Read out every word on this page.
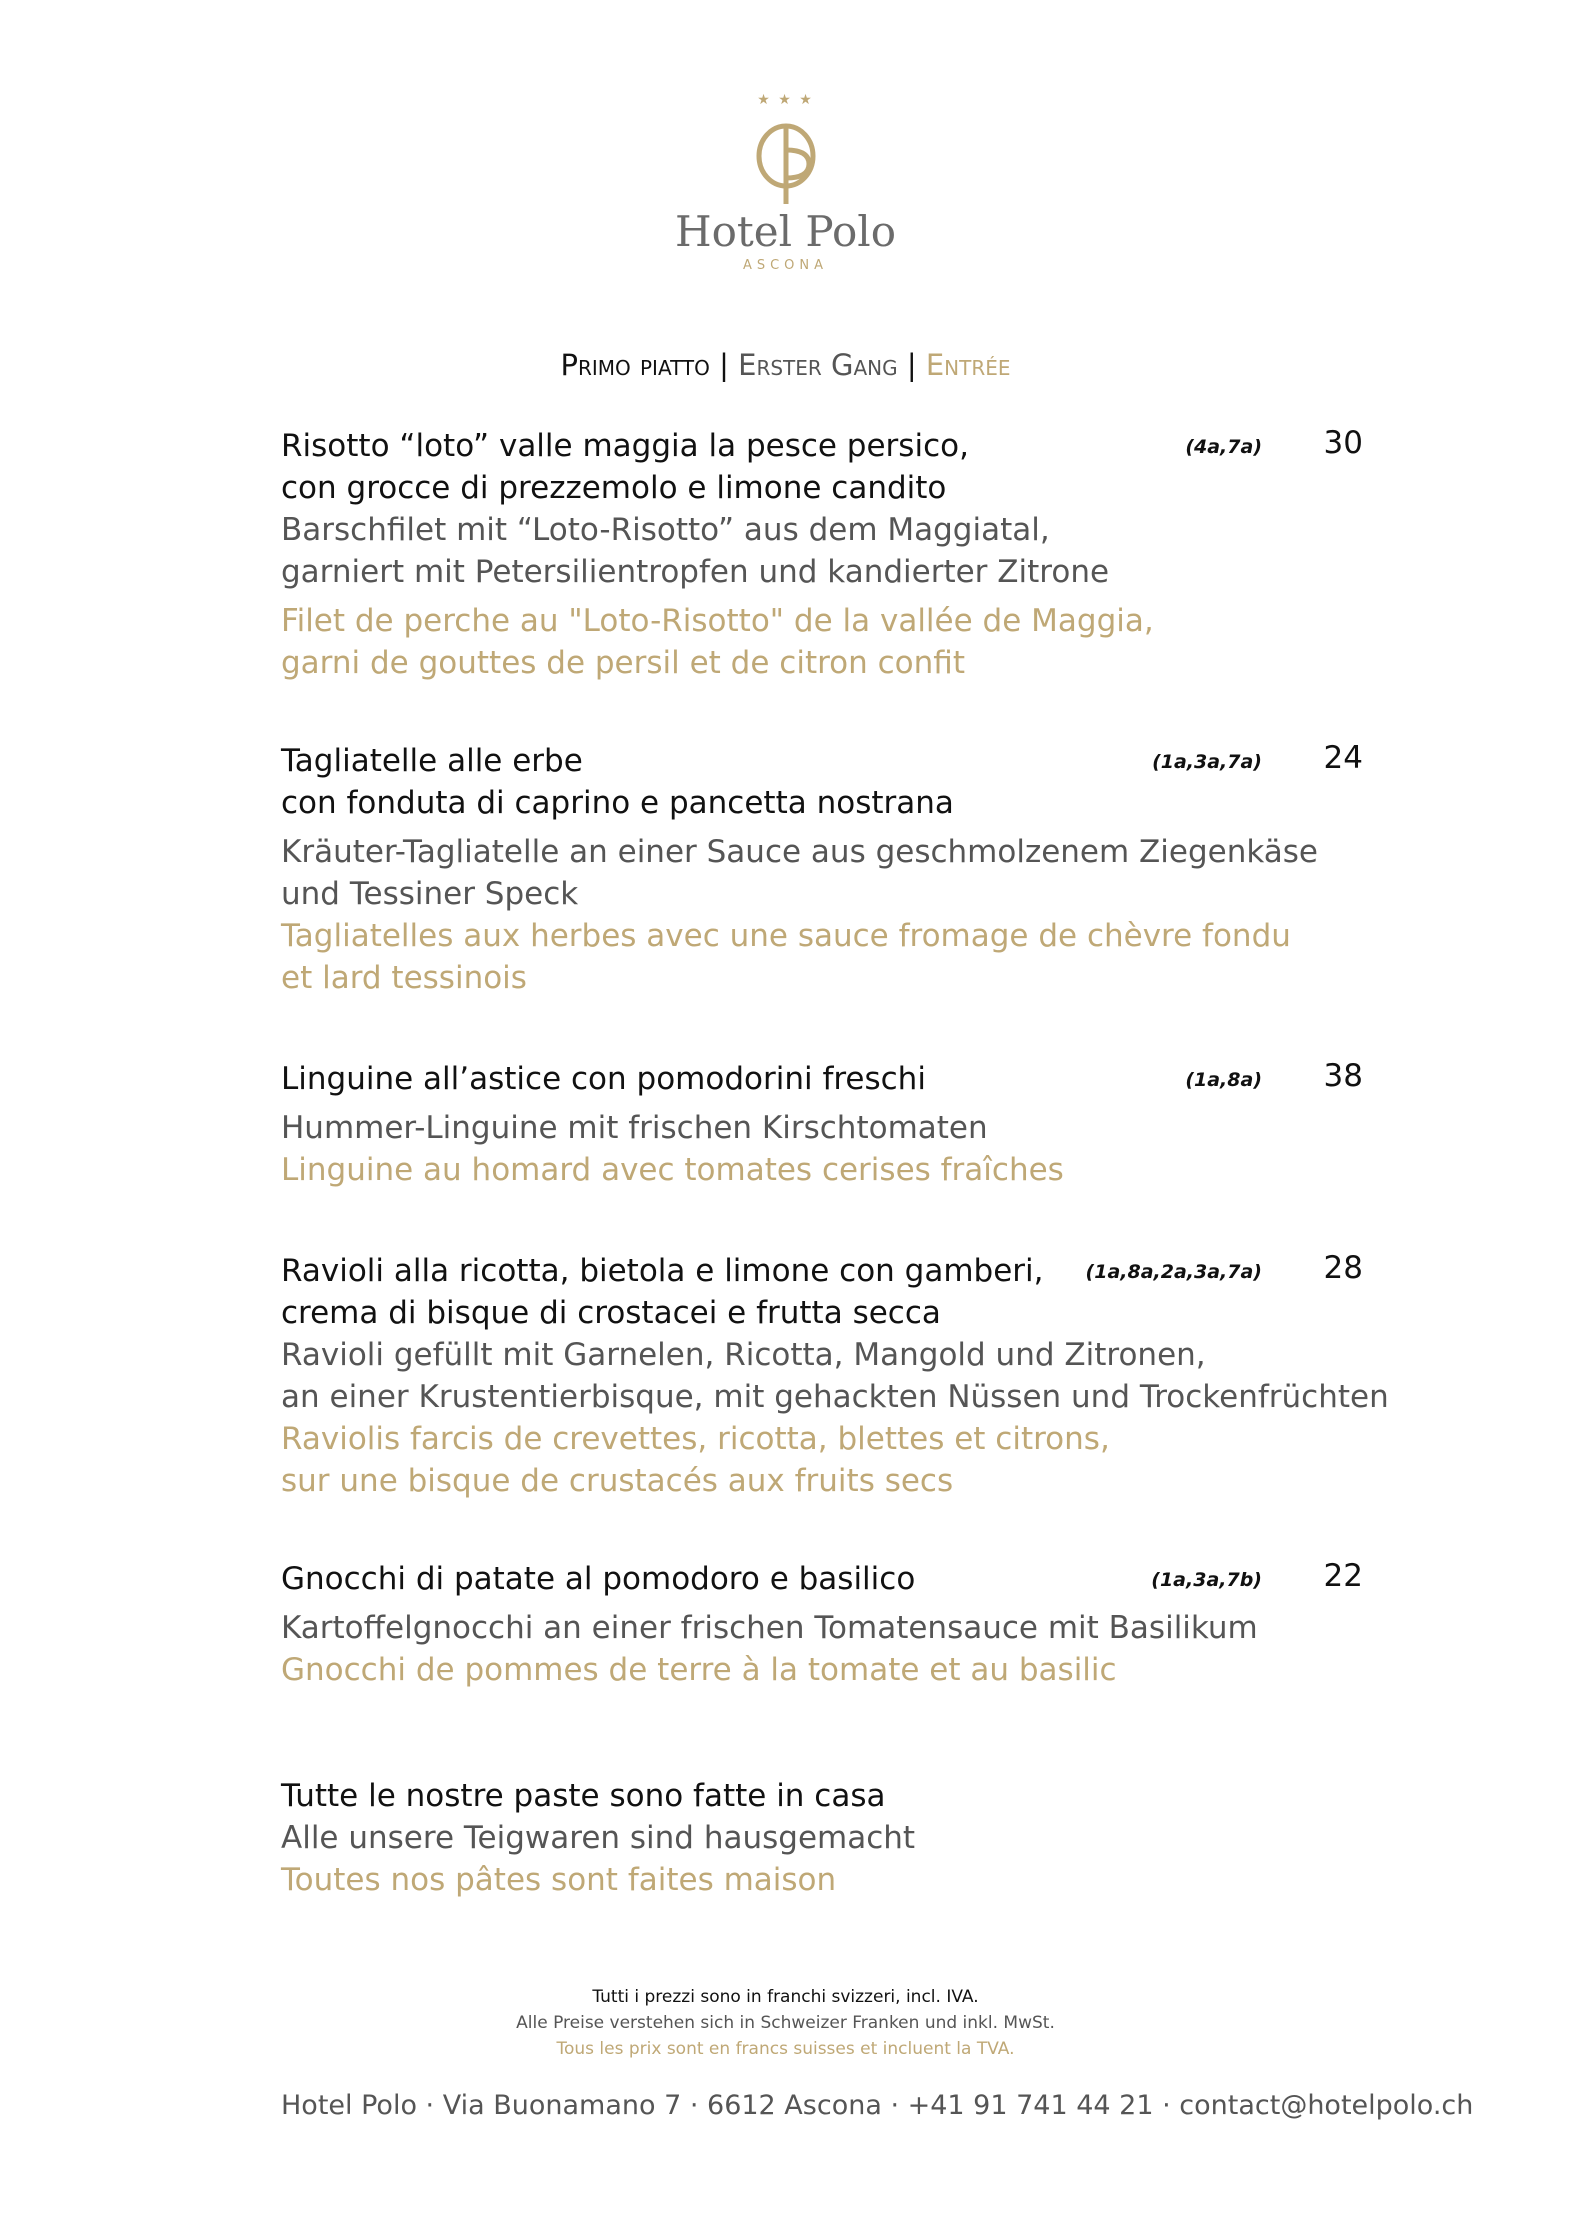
★ ★ ★
Hotel Polo
ASCONA
Primo piatto | Erster Gang | Entrée
Risotto “loto” valle maggia la pesce persico,
con grocce di prezzemolo e limone candito
Barschfilet mit “Loto-Risotto” aus dem Maggiatal,
garniert mit Petersilientropfen und kandierter Zitrone
Filet de perche au "Loto-Risotto" de la vallée de Maggia,
garni de gouttes de persil et de citron confit
(4a,7a)	30
Tagliatelle alle erbe
con fonduta di caprino e pancetta nostrana
Kräuter-Tagliatelle an einer Sauce aus geschmolzenem Ziegenkäse
und Tessiner Speck
Tagliatelles aux herbes avec une sauce fromage de chèvre fondu
et lard tessinois
(1a,3a,7a)	24
Linguine all’astice con pomodorini freschi
Hummer-Linguine mit frischen Kirschtomaten
Linguine au homard avec tomates cerises fraîches
(1a,8a)	38
Ravioli alla ricotta, bietola e limone con gamberi,
crema di bisque di crostacei e frutta secca
Ravioli gefüllt mit Garnelen, Ricotta, Mangold und Zitronen,
an einer Krustentierbisque, mit gehackten Nüssen und Trockenfrüchten
Raviolis farcis de crevettes, ricotta, blettes et citrons,
sur une bisque de crustacés aux fruits secs
(1a,8a,2a,3a,7a)	28
Gnocchi di patate al pomodoro e basilico
Kartoffelgnocchi an einer frischen Tomatensauce mit Basilikum
Gnocchi de pommes de terre à la tomate et au basilic
(1a,3a,7b)	22
Tutte le nostre paste sono fatte in casa
Alle unsere Teigwaren sind hausgemacht
Toutes nos pâtes sont faites maison
Tutti i prezzi sono in franchi svizzeri, incl. IVA.
Alle Preise verstehen sich in Schweizer Franken und inkl. MwSt.
Tous les prix sont en francs suisses et incluent la TVA.
Hotel Polo · Via Buonamano 7 · 6612 Ascona · +41 91 741 44 21 · contact@hotelpolo.ch
